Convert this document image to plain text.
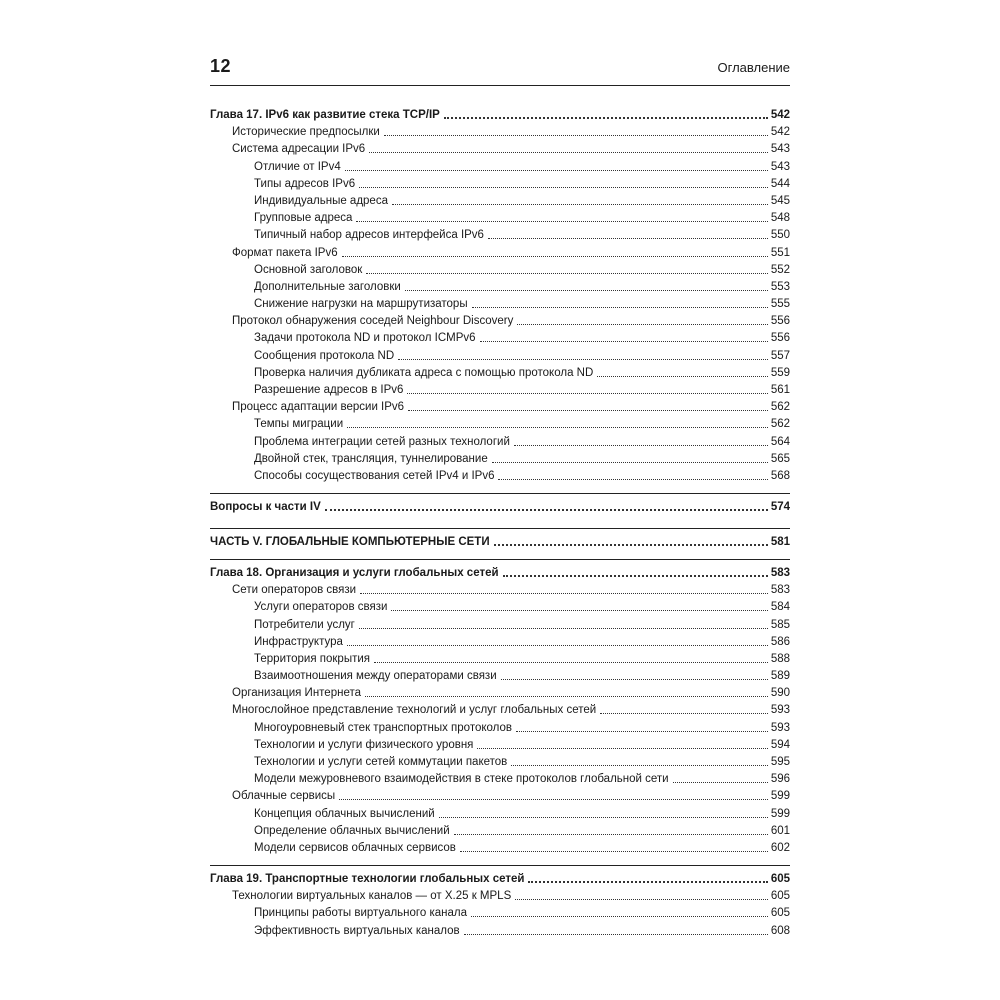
12	Оглавление
Глава 17. IPv6 как развитие стека TCP/IP	542
Исторические предпосылки	542
Система адресации IPv6	543
Отличие от IPv4	543
Типы адресов IPv6	544
Индивидуальные адреса	545
Групповые адреса	548
Типичный набор адресов интерфейса IPv6	550
Формат пакета IPv6	551
Основной заголовок	552
Дополнительные заголовки	553
Снижение нагрузки на маршрутизаторы	555
Протокол обнаружения соседей Neighbour Discovery	556
Задачи протокола ND и протокол ICMPv6	556
Сообщения протокола ND	557
Проверка наличия дубликата адреса с помощью протокола ND	559
Разрешение адресов в IPv6	561
Процесс адаптации версии IPv6	562
Темпы миграции	562
Проблема интеграции сетей разных технологий	564
Двойной стек, трансляция, туннелирование	565
Способы сосуществования сетей IPv4 и IPv6	568
Вопросы к части IV	574
ЧАСТЬ V. ГЛОБАЛЬНЫЕ КОМПЬЮТЕРНЫЕ СЕТИ	581
Глава 18. Организация и услуги глобальных сетей	583
Сети операторов связи	583
Услуги операторов связи	584
Потребители услуг	585
Инфраструктура	586
Территория покрытия	588
Взаимоотношения между операторами связи	589
Организация Интернета	590
Многослойное представление технологий и услуг глобальных сетей	593
Многоуровневый стек транспортных протоколов	593
Технологии и услуги физического уровня	594
Технологии и услуги сетей коммутации пакетов	595
Модели межуровневого взаимодействия в стеке протоколов глобальной сети	596
Облачные сервисы	599
Концепция облачных вычислений	599
Определение облачных вычислений	601
Модели сервисов облачных сервисов	602
Глава 19. Транспортные технологии глобальных сетей	605
Технологии виртуальных каналов — от X.25 к MPLS	605
Принципы работы виртуального канала	605
Эффективность виртуальных каналов	608
